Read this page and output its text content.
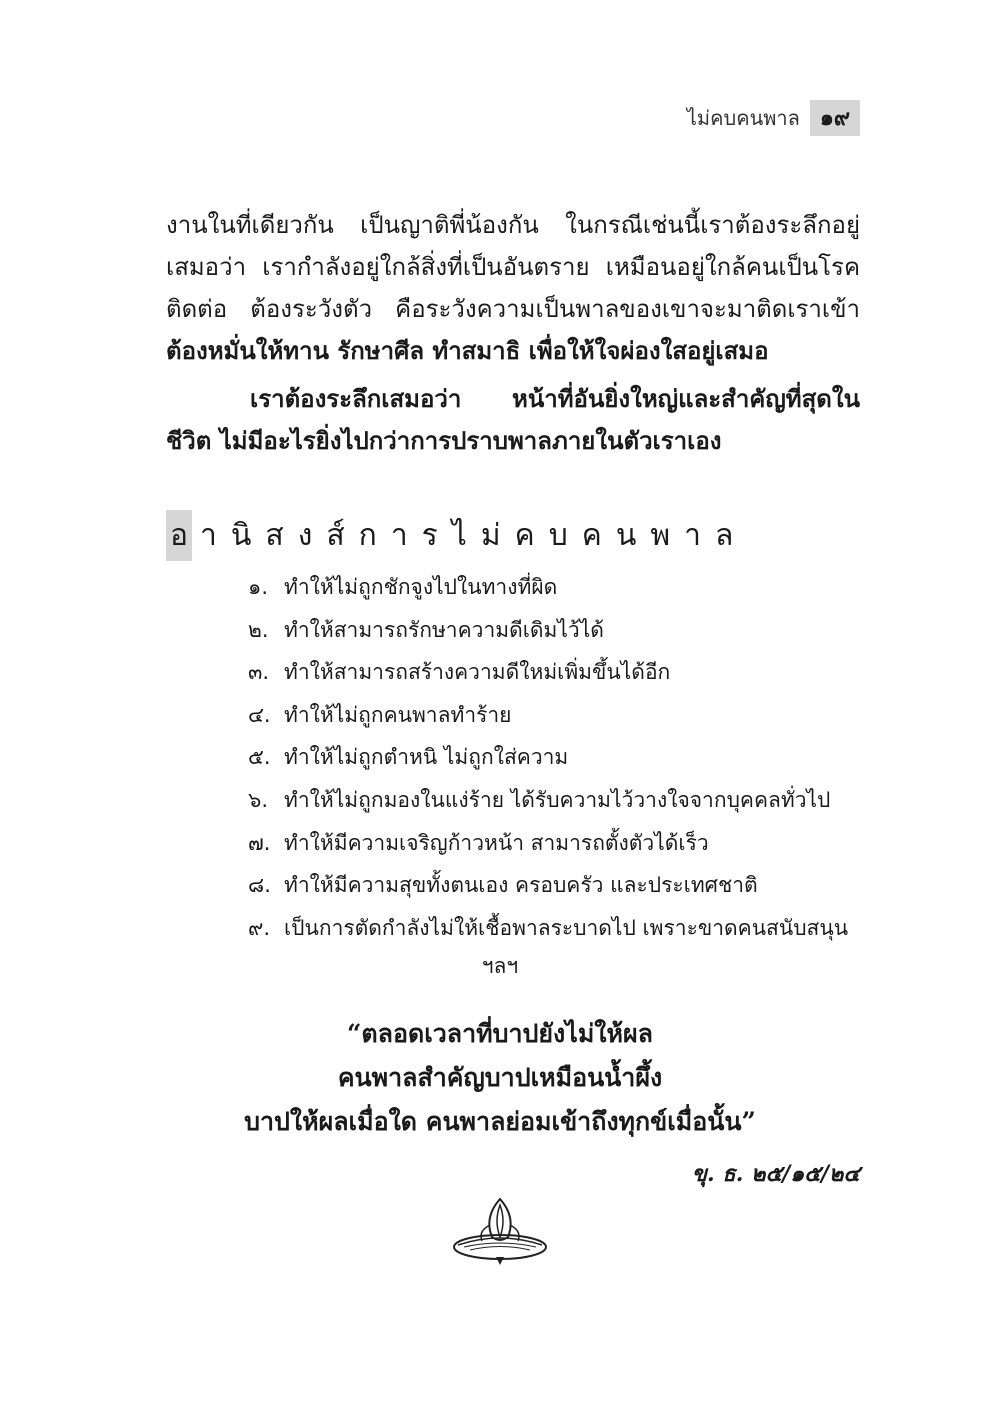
ไม่คบคนพาล ๑๙
งานในที่เดียวกัน เป็นญาติพี่น้องกัน ในกรณีเช่นนี้เราต้องระลึกอยู่เสมอว่า เรากำลังอยู่ใกล้สิ่งที่เป็นอันตราย เหมือนอยู่ใกล้คนเป็นโรคติดต่อ ต้องระวังตัว คือระวังความเป็นพาลของเขาจะมาติดเราเข้า ต้องหมั่นให้ทาน รักษาศีล ทำสมาธิ เพื่อให้ใจผ่องใสอยู่เสมอ
เราต้องระลึกเสมอว่า หน้าที่อันยิ่งใหญ่และสำคัญที่สุดในชีวิต ไม่มีอะไรยิ่งไปกว่าการปราบพาลภายในตัวเราเอง
อ านิสงส์การไม่คบคนพาล
๑. ทำให้ไม่ถูกชักจูงไปในทางที่ผิด
๒. ทำให้สามารถรักษาความดีเดิมไว้ได้
๓. ทำให้สามารถสร้างความดีใหม่เพิ่มขึ้นได้อีก
๔. ทำให้ไม่ถูกคนพาลทำร้าย
๕. ทำให้ไม่ถูกตำหนิ ไม่ถูกใส่ความ
๖. ทำให้ไม่ถูกมองในแง่ร้าย ได้รับความไว้วางใจจากบุคคลทั่วไป
๗. ทำให้มีความเจริญก้าวหน้า สามารถตั้งตัวได้เร็ว
๘. ทำให้มีความสุขทั้งตนเอง ครอบครัว และประเทศชาติ
๙. เป็นการตัดกำลังไม่ให้เชื้อพาลระบาดไป เพราะขาดคนสนับสนุน
ฯลฯ
“ตลอดเวลาที่บาปยังไม่ให้ผล
คนพาลสำคัญบาปเหมือนน้ำผึ้ง
บาปให้ผลเมื่อใด คนพาลย่อมเข้าถึงทุกข์เมื่อนั้น”
ขุ. ธ. ๒๕/๑๕/๒๔
